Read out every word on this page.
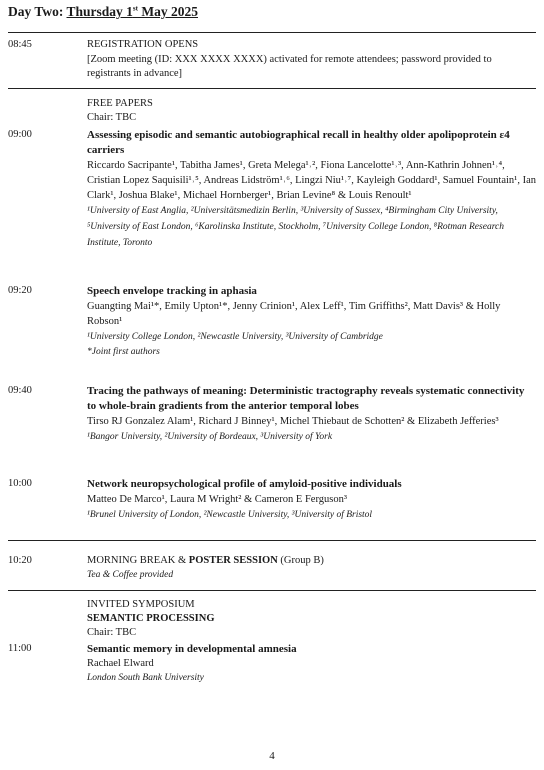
Day Two: Thursday 1st May 2025
08:45	REGISTRATION OPENS
[Zoom meeting (ID: XXX XXXX XXXX) activated for remote attendees; password provided to registrants in advance]
FREE PAPERS
Chair: TBC
09:00	Assessing episodic and semantic autobiographical recall in healthy older apolipoprotein ε4 carriers
Riccardo Sacripante¹, Tabitha James¹, Greta Melega¹˒², Fiona Lancelotte¹˒³, Ann-Kathrin Johnen¹˒⁴, Cristian Lopez Saquisili¹˒⁵, Andreas Lidström¹˒⁶, Lingzi Niu¹˒⁷, Kayleigh Goddard¹, Samuel Fountain¹, Ian Clark¹, Joshua Blake¹, Michael Hornberger¹, Brian Levine⁸ & Louis Renoult¹
¹University of East Anglia, ²Universitätsmedizin Berlin, ³University of Sussex, ⁴Birmingham City University, ⁵University of East London, ⁶Karolinska Institute, Stockholm, ⁷University College London, ⁸Rotman Research Institute, Toronto
09:20	Speech envelope tracking in aphasia
Guangting Mai¹*, Emily Upton¹*, Jenny Crinion¹, Alex Leff¹, Tim Griffiths², Matt Davis³ & Holly Robson¹
¹University College London, ²Newcastle University, ³University of Cambridge
*Joint first authors
09:40	Tracing the pathways of meaning: Deterministic tractography reveals systematic connectivity to whole-brain gradients from the anterior temporal lobes
Tirso RJ Gonzalez Alam¹, Richard J Binney¹, Michel Thiebaut de Schotten² & Elizabeth Jefferies³
¹Bangor University, ²University of Bordeaux, ³University of York
10:00	Network neuropsychological profile of amyloid-positive individuals
Matteo De Marco¹, Laura M Wright² & Cameron E Ferguson³
¹Brunel University of London, ²Newcastle University, ³University of Bristol
10:20	MORNING BREAK & POSTER SESSION (Group B)
Tea & Coffee provided
INVITED SYMPOSIUM
SEMANTIC PROCESSING
Chair: TBC
11:00	Semantic memory in developmental amnesia
Rachael Elward
London South Bank University
4
